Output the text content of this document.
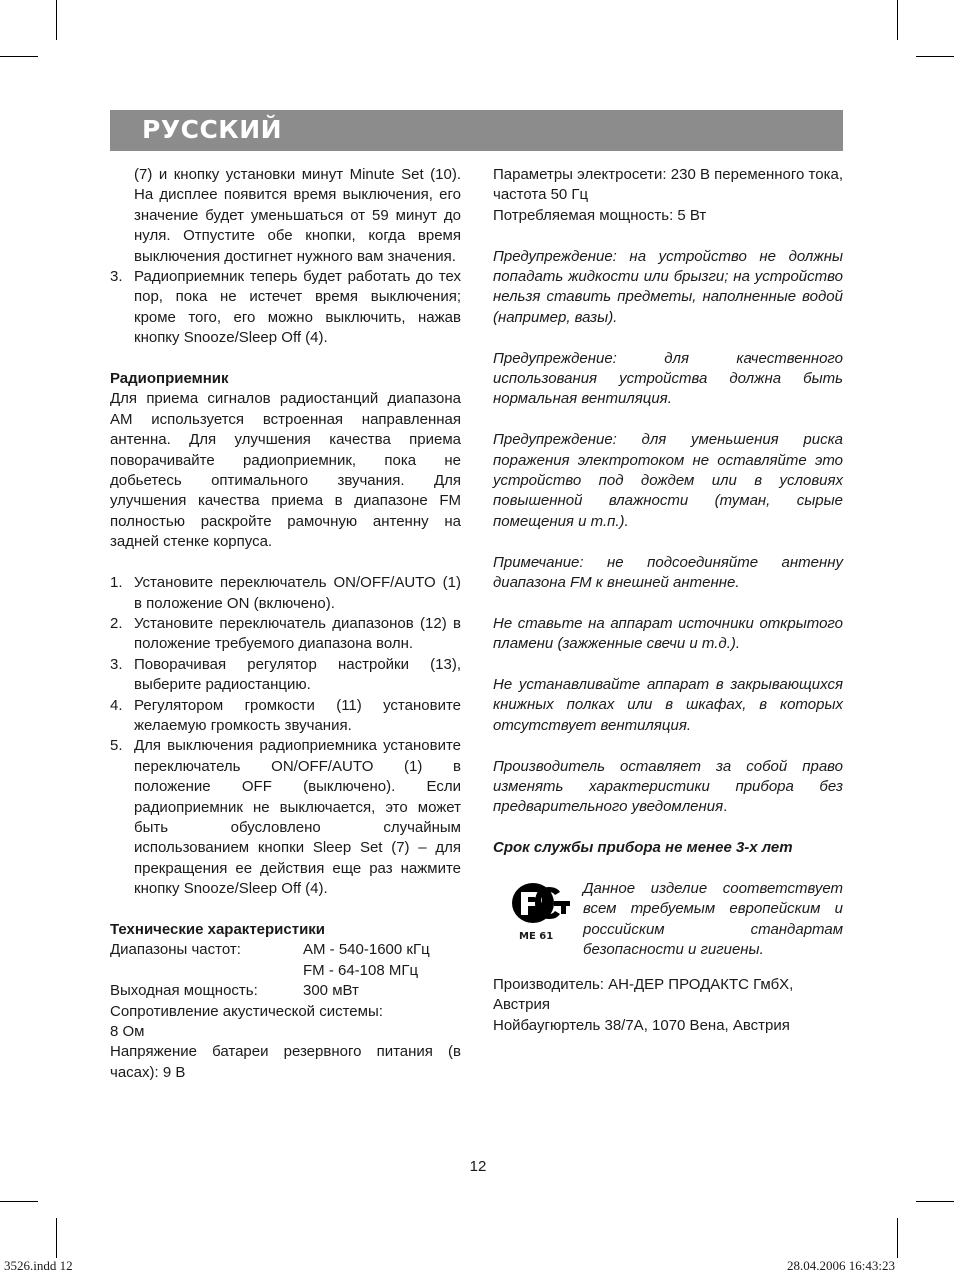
РУССКИЙ

(7) и кнопку установки минут Minute Set (10). На дисплее появится время выключения, его значение будет уменьшаться от 59 минут до нуля. Отпустите обе кнопки, когда время выключения достигнет нужного вам значения.

3. Радиоприемник теперь будет работать до тех пор, пока не истечет время выключения; кроме того, его можно выключить, нажав кнопку Snooze/Sleep Off (4).

Радиоприемник

Для приема сигналов радиостанций диапазона AM используется встроенная направленная антенна. Для улучшения качества приема поворачивайте радиоприемник, пока не добьетесь оптимального звучания. Для улучшения качества приема в диапазоне FM полностью раскройте рамочную антенну на задней стенке корпуса.

1. Установите переключатель ON/OFF/AUTO (1) в положение ON (включено).
2. Установите переключатель диапазонов (12) в положение требуемого диапазона волн.
3. Поворачивая регулятор настройки (13), выберите радиостанцию.
4. Регулятором громкости (11) установите желаемую громкость звучания.
5. Для выключения радиоприемника установите переключатель ON/OFF/AUTO (1) в положение OFF (выключено). Если радиоприемник не выключается, это может быть обусловлено случайным использованием кнопки Sleep Set (7) – для прекращения ее действия еще раз нажмите кнопку Snooze/Sleep Off (4).

Технические характеристики

Диапазоны частот:	AM - 540-1600 кГц
FM - 64-108 МГц
Выходная мощность:	300 мВт

Сопротивление акустической системы:

8 Ом

Напряжение батареи резервного питания (в часах): 9 В

Параметры электросети: 230 В переменного тока, частота 50 Гц

Потребляемая мощность: 5 Вт

Предупреждение: на устройство не должны попадать жидкости или брызги; на устройство нельзя ставить предметы, наполненные водой (например, вазы).

Предупреждение: для качественного использования устройства должна быть нормальная вентиляция.

Предупреждение: для уменьшения риска поражения электротоком не оставляйте это устройство под дождем или в условиях повышенной влажности (туман, сырые помещения и т.п.).

Примечание: не подсоединяйте антенну диапазона FM к внешней антенне.

Не ставьте на аппарат источники открытого пламени (зажженные свечи и т.д.).

Не устанавливайте аппарат в закрывающихся книжных полках или в шкафах, в которых отсутствует вентиляция.

Производитель оставляет за собой право изменять характеристики прибора без предварительного уведомления.

Срок службы прибора не менее 3-х лет

ME 61

Данное изделие соответствует всем требуемым европейским и российским стандартам безопасности и гигиены.

Производитель: АН-ДЕР ПРОДАКТС ГмбХ, Австрия

Нойбаугюртель 38/7А, 1070 Вена, Австрия

12
3526.indd 12	28.04.2006 16:43:23
